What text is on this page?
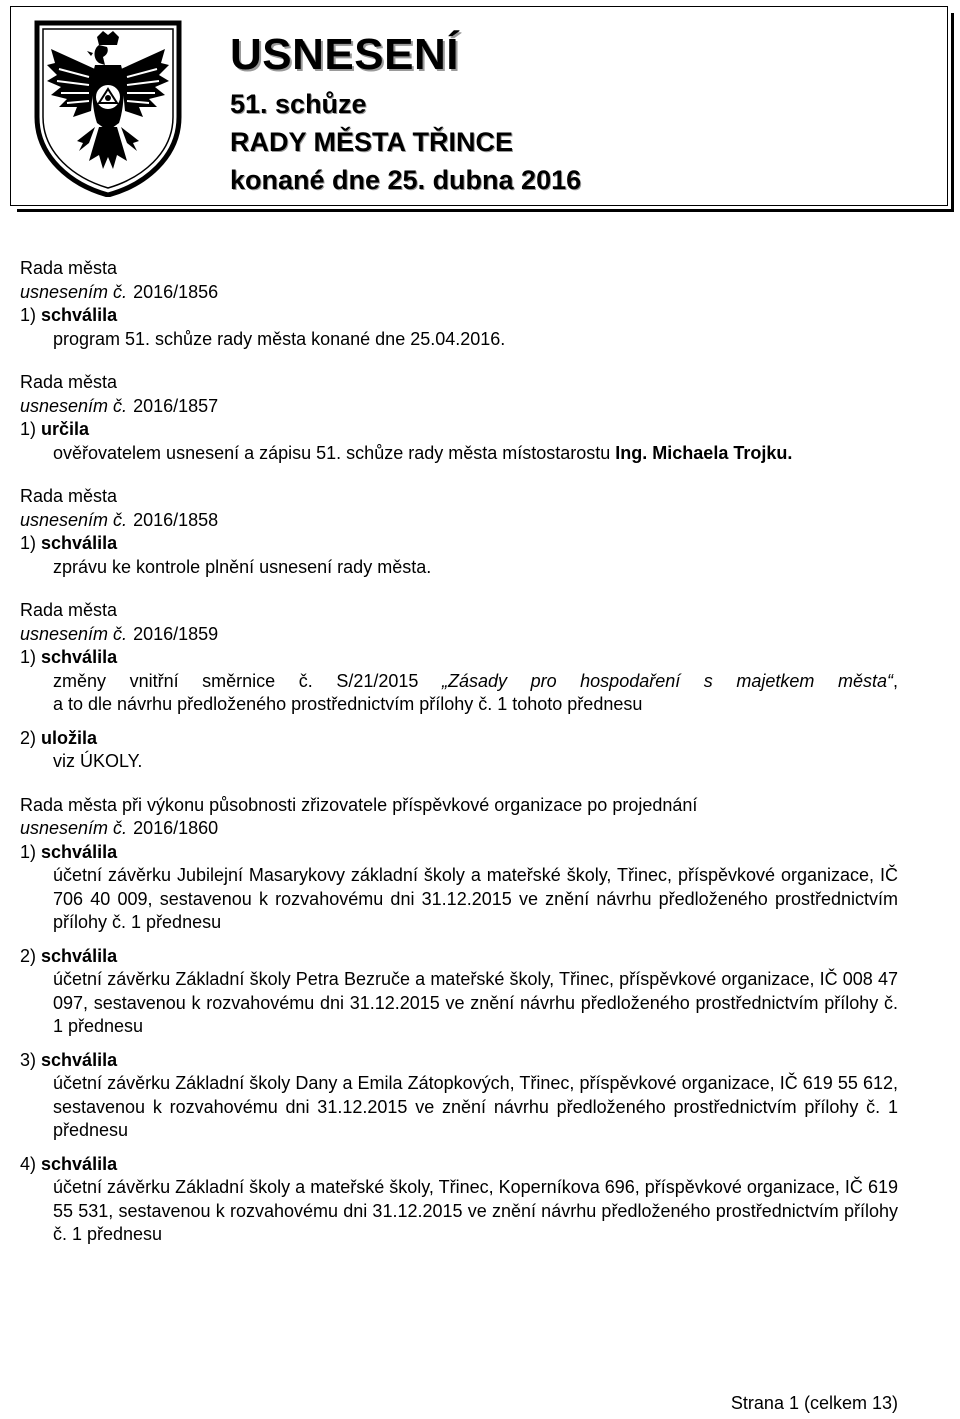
USNESENÍ
51. schůze
RADY MĚSTA TŘINCE
konané dne 25. dubna 2016
Rada města
usnesením č. 2016/1856
1) schválila
program 51. schůze rady města konané dne 25.04.2016.
Rada města
usnesením č. 2016/1857
1) určila
ověřovatelem usnesení a zápisu 51. schůze rady města místostarostu Ing. Michaela Trojku.
Rada města
usnesením č. 2016/1858
1) schválila
zprávu ke kontrole plnění usnesení rady města.
Rada města
usnesením č. 2016/1859
1) schválila
změny vnitřní směrnice č. S/21/2015 „Zásady pro hospodaření s majetkem města“,
a to dle návrhu předloženého prostřednictvím přílohy č. 1 tohoto přednesu
2) uložila
viz ÚKOLY.
Rada města při výkonu působnosti zřizovatele příspěvkové organizace po projednání
usnesením č. 2016/1860
1) schválila
účetní závěrku Jubilejní Masarykovy základní školy a mateřské školy, Třinec, příspěvkové organizace, IČ 706 40 009, sestavenou k rozvahovému dni 31.12.2015 ve znění návrhu předloženého prostřednictvím přílohy č. 1 přednesu
2) schválila
účetní závěrku Základní školy Petra Bezruče a mateřské školy, Třinec, příspěvkové organizace, IČ 008 47 097, sestavenou k rozvahovému dni 31.12.2015 ve znění návrhu předloženého prostřednictvím přílohy č. 1 přednesu
3) schválila
účetní závěrku Základní školy Dany a Emila Zátopkových, Třinec, příspěvkové organizace, IČ 619 55 612, sestavenou k rozvahovému dni 31.12.2015 ve znění návrhu předloženého prostřednictvím přílohy č. 1 přednesu
4) schválila
účetní závěrku Základní školy a mateřské školy, Třinec, Koperníkova 696, příspěvkové organizace, IČ 619 55 531, sestavenou k rozvahovému dni 31.12.2015 ve znění návrhu předloženého prostřednictvím přílohy č. 1 přednesu
Strana 1 (celkem 13)
